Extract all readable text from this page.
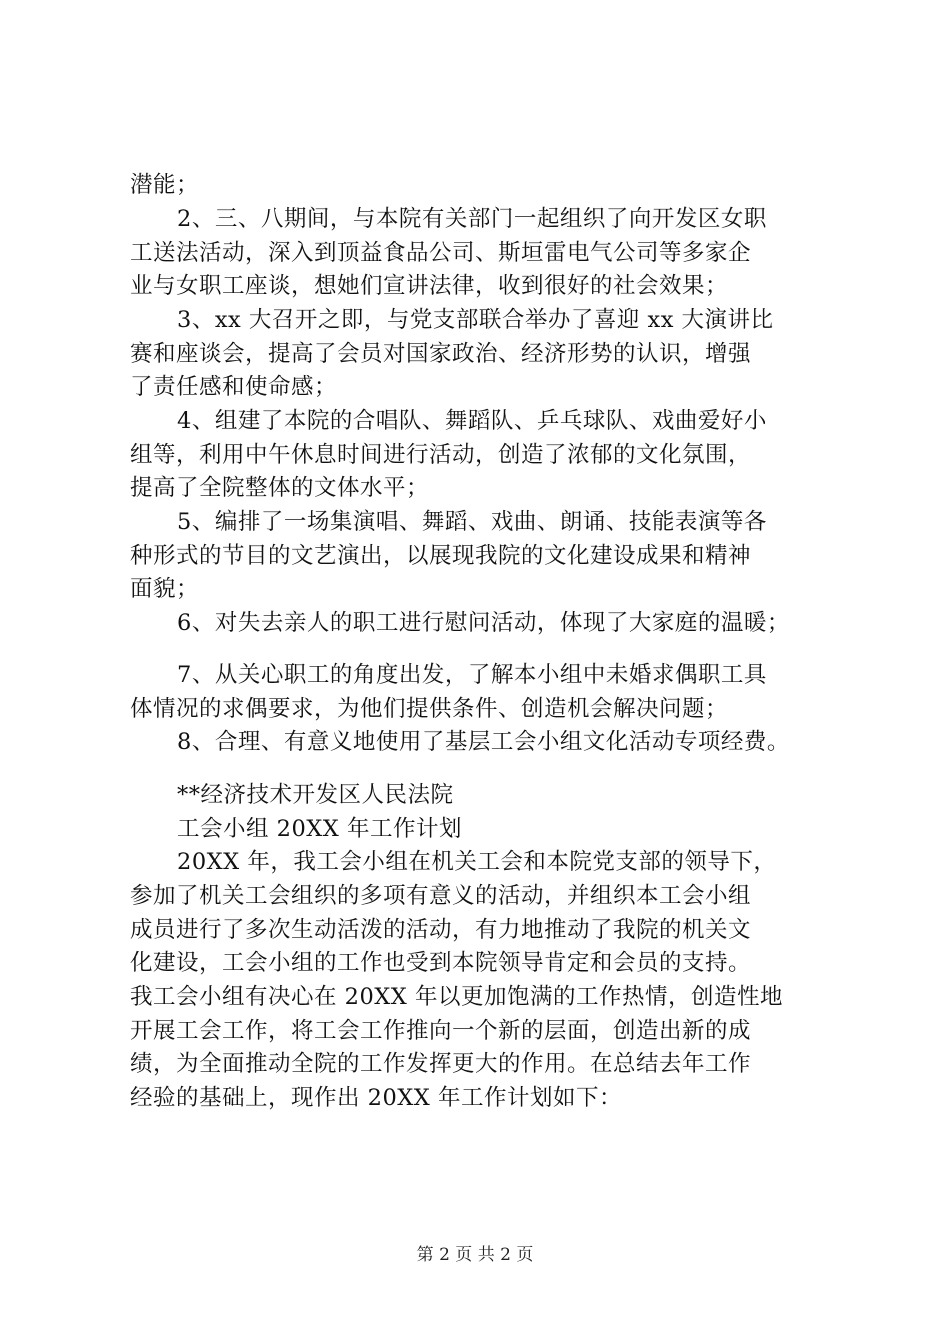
潜能；
2、三、八期间，与本院有关部门一起组织了向开发区女职
工送法活动，深入到顶益食品公司、斯垣雷电气公司等多家企
业与女职工座谈，想她们宣讲法律，收到很好的社会效果；
3、xx 大召开之即，与党支部联合举办了喜迎 xx 大演讲比
赛和座谈会，提高了会员对国家政治、经济形势的认识，增强
了责任感和使命感；
4、组建了本院的合唱队、舞蹈队、乒乓球队、戏曲爱好小
组等，利用中午休息时间进行活动，创造了浓郁的文化氛围，
提高了全院整体的文体水平；
5、编排了一场集演唱、舞蹈、戏曲、朗诵、技能表演等各
种形式的节目的文艺演出，以展现我院的文化建设成果和精神
面貌；
6、对失去亲人的职工进行慰问活动，体现了大家庭的温暖；
7、从关心职工的角度出发，了解本小组中未婚求偶职工具
体情况的求偶要求，为他们提供条件、创造机会解决问题；
8、合理、有意义地使用了基层工会小组文化活动专项经费。
**经济技术开发区人民法院
工会小组 20XX 年工作计划
20XX 年，我工会小组在机关工会和本院党支部的领导下，
参加了机关工会组织的多项有意义的活动，并组织本工会小组
成员进行了多次生动活泼的活动，有力地推动了我院的机关文
化建设，工会小组的工作也受到本院领导肯定和会员的支持。
我工会小组有决心在 20XX 年以更加饱满的工作热情，创造性地
开展工会工作，将工会工作推向一个新的层面，创造出新的成
绩，为全面推动全院的工作发挥更大的作用。在总结去年工作
经验的基础上，现作出 20XX 年工作计划如下：
第 2 页 共 2 页
